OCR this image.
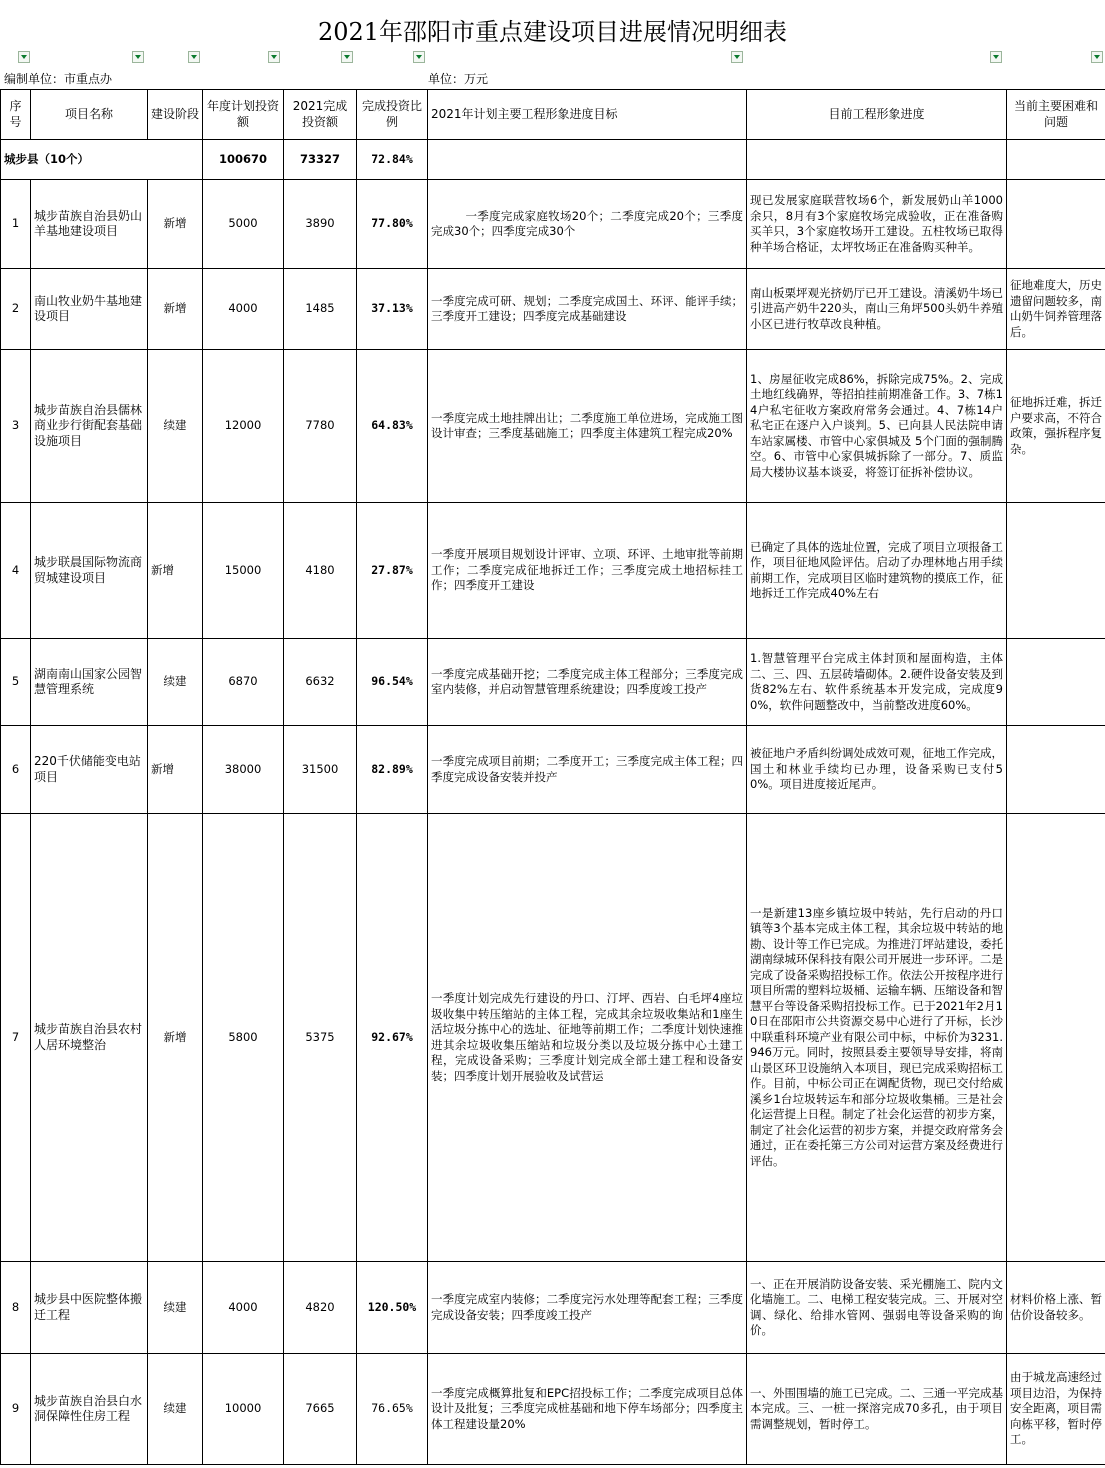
2021年邵阳市重点建设项目进展情况明细表
编制单位：市重点办	单位：万元
序号	项目名称	建设阶段	年度计划投资额	2021完成投资额	完成投资比例	2021年计划主要工程形象进度目标	目前工程形象进度	当前主要困难和问题
城步县（10个）			100670	73327	72.84%			
1	城步苗族自治县奶山羊基地建设项目	新增	5000	3890	77.80%	一季度完成家庭牧场20个；二季度完成20个；三季度完成30个；四季度完成30个	现已发展家庭联营牧场6个，新发展奶山羊1000余只，8月有3个家庭牧场完成验收，正在准备购买羊只，3个家庭牧场开工建设。五柱牧场已取得种羊场合格证，太坪牧场正在准备购买种羊。	
2	南山牧业奶牛基地建设项目	新增	4000	1485	37.13%	一季度完成可研、规划；二季度完成国土、环评、能评手续；三季度开工建设；四季度完成基础建设	南山板栗坪观光挤奶厅已开工建设。清溪奶牛场已引进高产奶牛220头，南山三角坪500头奶牛养殖小区已进行牧草改良种植。	征地难度大，历史遗留问题较多，南山奶牛饲养管理落后。
3	城步苗族自治县儒林商业步行街配套基础设施项目	续建	12000	7780	64.83%	一季度完成土地挂牌出让；二季度施工单位进场，完成施工图设计审查；三季度基础施工；四季度主体建筑工程完成20%	1、房屋征收完成86%，拆除完成75%。2、完成土地红线确界，等招拍挂前期准备工作。3、7栋14户私宅征收方案政府常务会通过。4、7栋14户私宅正在逐户入户谈判。5、已向县人民法院申请车站家属楼、市管中心家俱城及 5个门面的强制腾空。6、市管中心家俱城拆除了一部分。7、质监局大楼协议基本谈妥，将签订征拆补偿协议。	征地拆迁难，拆迁户要求高，不符合政策，强拆程序复杂。
4	城步联晨国际物流商贸城建设项目	新增	15000	4180	27.87%	一季度开展项目规划设计评审、立项、环评、土地审批等前期工作；二季度完成征地拆迁工作；三季度完成土地招标挂工作；四季度开工建设	已确定了具体的选址位置，完成了项目立项报备工作，项目征地风险评估。启动了办理林地占用手续前期工作，完成项目区临时建筑物的摸底工作，征地拆迁工作完成40%左右	
5	湖南南山国家公园智慧管理系统	续建	6870	6632	96.54%	一季度完成基础开挖；二季度完成主体工程部分；三季度完成室内装修，并启动智慧管理系统建设；四季度竣工投产	1.智慧管理平台完成主体封顶和屋面构造，主体二、三、四、五层砖墙砌体。2.硬件设备安装及到货82%左右、软件系统基本开发完成，完成度90%，软件问题整改中，当前整改进度60%。	
6	220千伏储能变电站项目	新增	38000	31500	82.89%	一季度完成项目前期；二季度开工；三季度完成主体工程；四季度完成设备安装并投产	被征地户矛盾纠纷调处成效可观，征地工作完成，国土和林业手续均已办理，设备采购已支付50%。项目进度接近尾声。	
7	城步苗族自治县农村人居环境整治	新增	5800	5375	92.67%	一季度计划完成先行建设的丹口、汀坪、西岩、白毛坪4座垃圾收集中转压缩站的主体工程，完成其余垃圾收集站和1座生活垃圾分拣中心的选址、征地等前期工作；二季度计划快速推进其余垃圾收集压缩站和垃圾分类以及垃圾分拣中心土建工程，完成设备采购；三季度计划完成全部土建工程和设备安装；四季度计划开展验收及试营运	一是新建13座乡镇垃圾中转站，先行启动的丹口镇等3个基本完成主体工程，其余垃圾中转站的地勘、设计等工作已完成。为推进汀坪站建设，委托湖南绿城环保科技有限公司开展进一步环评。二是完成了设备采购招投标工作。依法公开按程序进行项目所需的塑料垃圾桶、运输车辆、压缩设备和智慧平台等设备采购招投标工作。已于2021年2月10日在邵阳市公共资源交易中心进行了开标，长沙中联重科环境产业有限公司中标，中标价为3231.946万元。同时，按照县委主要领导导安排，将南山景区环卫设施纳入本项目，现已完成采购招标工作。目前，中标公司正在调配货物，现已交付给威溪乡1台垃圾转运车和部分垃圾收集桶。三是社会化运营提上日程。制定了社会化运营的初步方案，制定了社会化运营的初步方案，并提交政府常务会通过，正在委托第三方公司对运营方案及经费进行评估。	
8	城步县中医院整体搬迁工程	续建	4000	4820	120.50%	一季度完成室内装修；二季度完污水处理等配套工程；三季度完成设备安装；四季度竣工投产	一、正在开展消防设备安装、采光棚施工、院内文化墙施工。二、电梯工程安装完成。三、开展对空调、绿化、给排水管网、强弱电等设备采购的询价。	材料价格上涨、暂估价设备较多。
9	城步苗族自治县白水洞保障性住房工程	续建	10000	7665	76.65%	一季度完成概算批复和EPC招投标工作；二季度完成项目总体设计及批复；三季度完成桩基础和地下停车场部分；四季度主体工程建设量20%	一、外围围墙的施工已完成。二、三通一平完成基本完成。三、一桩一探溶完成70多孔，由于项目需调整规划，暂时停工。	由于城龙高速经过项目边沿，为保持安全距离，项目需向栋平移，暂时停工。
